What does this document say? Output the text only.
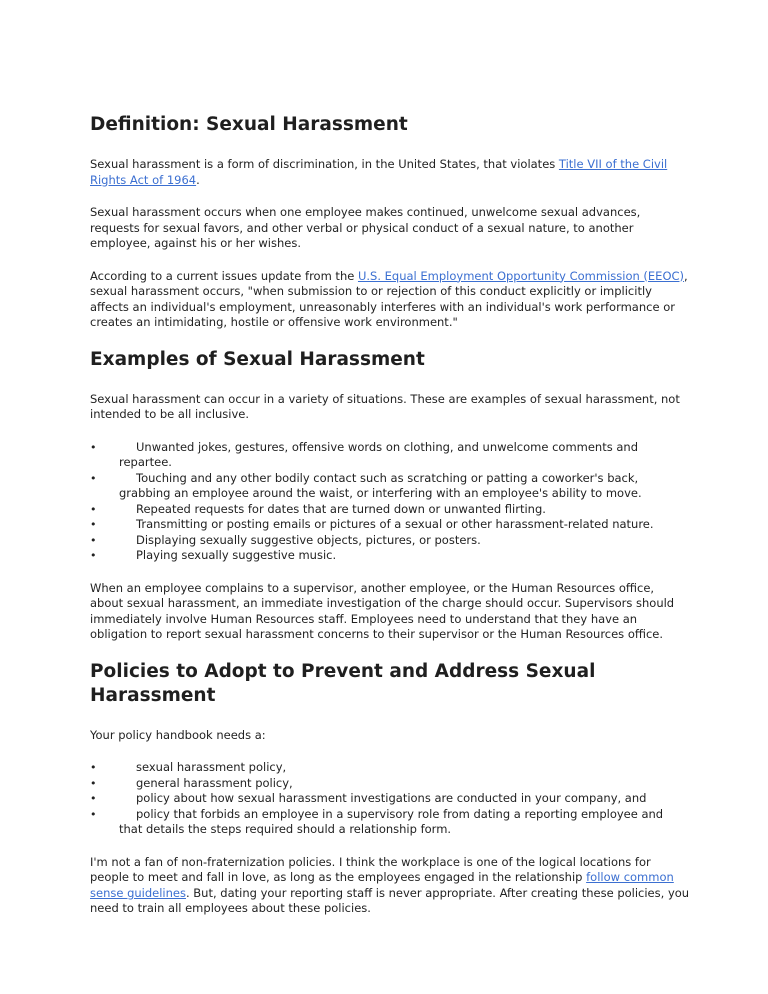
Definition: Sexual Harassment

Sexual harassment is a form of discrimination, in the United States, that violates Title VII of the Civil Rights Act of 1964.

Sexual harassment occurs when one employee makes continued, unwelcome sexual advances, requests for sexual favors, and other verbal or physical conduct of a sexual nature, to another employee, against his or her wishes.

According to a current issues update from the U.S. Equal Employment Opportunity Commission (EEOC), sexual harassment occurs, "when submission to or rejection of this conduct explicitly or implicitly affects an individual's employment, unreasonably interferes with an individual's work performance or creates an intimidating, hostile or offensive work environment."

Examples of Sexual Harassment

Sexual harassment can occur in a variety of situations. These are examples of sexual harassment, not intended to be all inclusive.

•	Unwanted jokes, gestures, offensive words on clothing, and unwelcome comments and repartee.
•	Touching and any other bodily contact such as scratching or patting a coworker's back, grabbing an employee around the waist, or interfering with an employee's ability to move.
•	Repeated requests for dates that are turned down or unwanted flirting.
•	Transmitting or posting emails or pictures of a sexual or other harassment-related nature.
•	Displaying sexually suggestive objects, pictures, or posters.
•	Playing sexually suggestive music.

When an employee complains to a supervisor, another employee, or the Human Resources office, about sexual harassment, an immediate investigation of the charge should occur. Supervisors should immediately involve Human Resources staff. Employees need to understand that they have an obligation to report sexual harassment concerns to their supervisor or the Human Resources office.

Policies to Adopt to Prevent and Address Sexual Harassment

Your policy handbook needs a:

•	sexual harassment policy,
•	general harassment policy,
•	policy about how sexual harassment investigations are conducted in your company, and
•	policy that forbids an employee in a supervisory role from dating a reporting employee and that details the steps required should a relationship form.

I'm not a fan of non-fraternization policies. I think the workplace is one of the logical locations for people to meet and fall in love, as long as the employees engaged in the relationship follow common sense guidelines. But, dating your reporting staff is never appropriate. After creating these policies, you need to train all employees about these policies.
